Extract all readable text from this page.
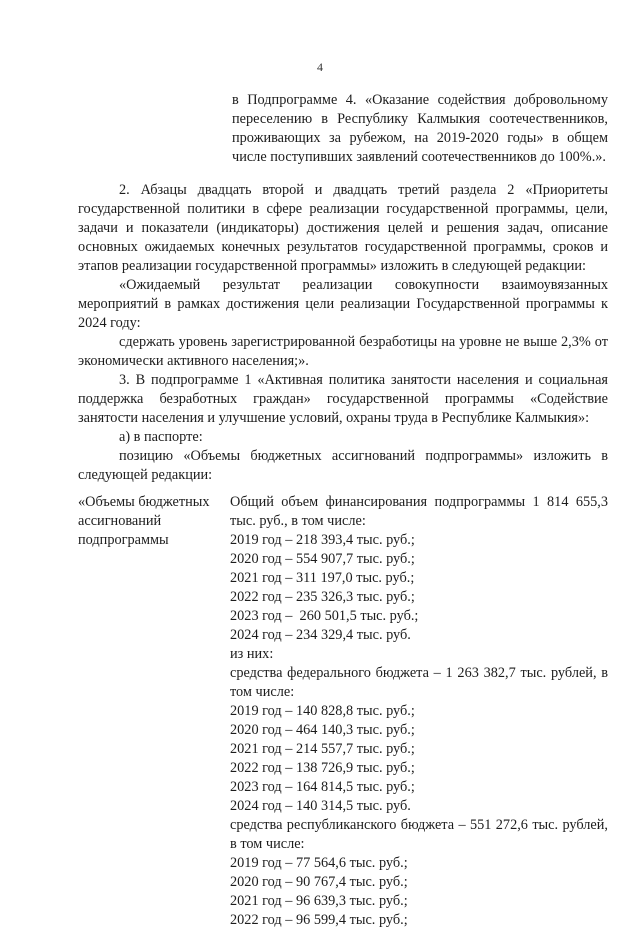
4
в Подпрограмме 4. «Оказание содействия добровольному переселению в Республику Калмыкия соотечественников, проживающих за рубежом, на 2019-2020 годы» в общем числе поступивших заявлений соотечественников до 100%.».

2. Абзацы двадцать второй и двадцать третий раздела 2 «Приоритеты государственной политики в сфере реализации государственной программы, цели, задачи и показатели (индикаторы) достижения целей и решения задач, описание основных ожидаемых конечных результатов государственной программы, сроков и этапов реализации государственной программы» изложить в следующей редакции:

«Ожидаемый результат реализации совокупности взаимоувязанных мероприятий в рамках достижения цели реализации Государственной программы к 2024 году:

сдержать уровень зарегистрированной безработицы на уровне не выше 2,3% от экономически активного населения;».

3. В подпрограмме 1 «Активная политика занятости населения и социальная поддержка безработных граждан» государственной программы «Содействие занятости населения и улучшение условий, охраны труда в Республике Калмыкия»:

а) в паспорте:

позицию «Объемы бюджетных ассигнований подпрограммы» изложить в следующей редакции:

«Объемы бюджетных
ассигнований
подпрограммы
Общий объем финансирования подпрограммы 1 814 655,3 тыс. руб., в том числе:
2019 год – 218 393,4 тыс. руб.;
2020 год – 554 907,7 тыс. руб.;
2021 год – 311 197,0 тыс. руб.;
2022 год – 235 326,3 тыс. руб.;
2023 год –  260 501,5 тыс. руб.;
2024 год – 234 329,4 тыс. руб.
из них:
средства федерального бюджета – 1 263 382,7 тыс. рублей, в том числе:
2019 год – 140 828,8 тыс. руб.;
2020 год – 464 140,3 тыс. руб.;
2021 год – 214 557,7 тыс. руб.;
2022 год – 138 726,9 тыс. руб.;
2023 год – 164 814,5 тыс. руб.;
2024 год – 140 314,5 тыс. руб.
средства республиканского бюджета – 551 272,6 тыс. рублей, в том числе:
2019 год – 77 564,6 тыс. руб.;
2020 год – 90 767,4 тыс. руб.;
2021 год – 96 639,3 тыс. руб.;
2022 год – 96 599,4 тыс. руб.;
